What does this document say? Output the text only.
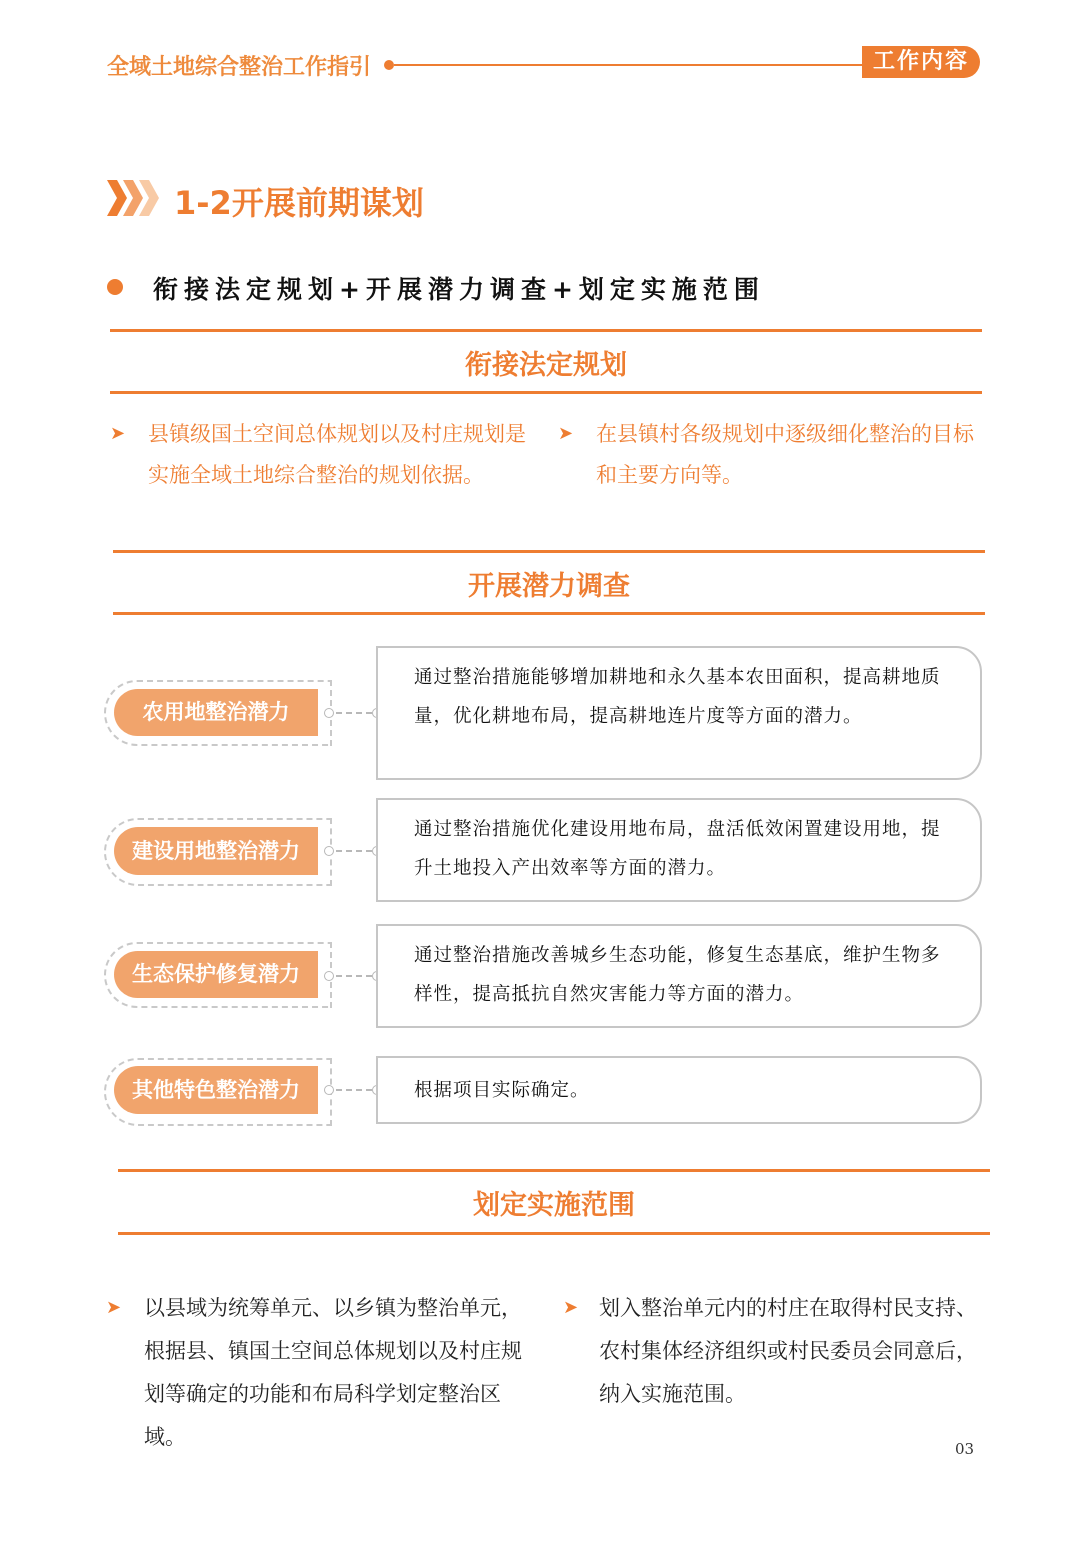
全域土地综合整治工作指引	工作内容
1-2开展前期谋划
衔接法定规划+开展潜力调查+划定实施范围
衔接法定规划
➤ 县镇级国土空间总体规划以及村庄规划是实施全域土地综合整治的规划依据。
➤ 在县镇村各级规划中逐级细化整治的目标和主要方向等。
开展潜力调查
农用地整治潜力
通过整治措施能够增加耕地和永久基本农田面积，提高耕地质量，优化耕地布局，提高耕地连片度等方面的潜力。
建设用地整治潜力
通过整治措施优化建设用地布局，盘活低效闲置建设用地，提升土地投入产出效率等方面的潜力。
生态保护修复潜力
通过整治措施改善城乡生态功能，修复生态基底，维护生物多样性，提高抵抗自然灾害能力等方面的潜力。
其他特色整治潜力	根据项目实际确定。
划定实施范围
➤ 以县域为统筹单元、以乡镇为整治单元，根据县、镇国土空间总体规划以及村庄规划等确定的功能和布局科学划定整治区域。
➤ 划入整治单元内的村庄在取得村民支持、农村集体经济组织或村民委员会同意后，纳入实施范围。
03
